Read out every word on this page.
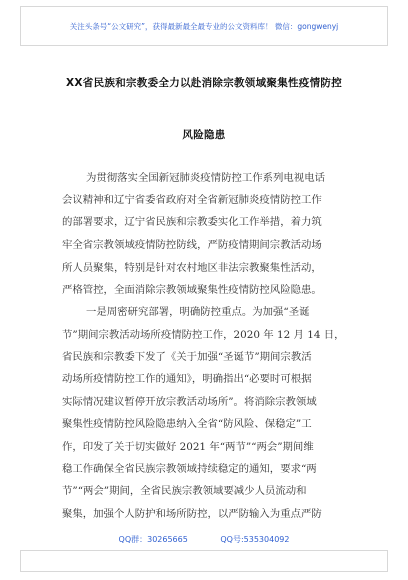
关注头条号“公文研究”，获得最新最全最专业的公文资料库！ 微信：gongwenyj
XX省民族和宗教委全力以赴消除宗教领域聚集性疫情防控
风险隐患
为贯彻落实全国新冠肺炎疫情防控工作系列电视电话
会议精神和辽宁省委省政府对全省新冠肺炎疫情防控工作
的部署要求，辽宁省民族和宗教委实化工作举措，着力筑
牢全省宗教领域疫情防控防线，严防疫情期间宗教活动场
所人员聚集，特别是针对农村地区非法宗教聚集性活动，
严格管控，全面消除宗教领域聚集性疫情防控风险隐患。
一是周密研究部署，明确防控重点。为加强“圣诞
节”期间宗教活动场所疫情防控工作，2020 年 12 月 14 日，
省民族和宗教委下发了《关于加强“圣诞节”期间宗教活
动场所疫情防控工作的通知》，明确指出“必要时可根据
实际情况建议暂停开放宗教活动场所”。将消除宗教领域
聚集性疫情防控风险隐患纳入全省“防风险、保稳定”工
作，印发了关于切实做好 2021 年“两节”“两会”期间维
稳工作确保全省民族宗教领域持续稳定的通知，要求“两
节”“两会”期间，全省民族宗教领域要减少人员流动和
聚集，加强个人防护和场所防控，以严防输入为重点严防
QQ群：30265665	QQ号:535304092
